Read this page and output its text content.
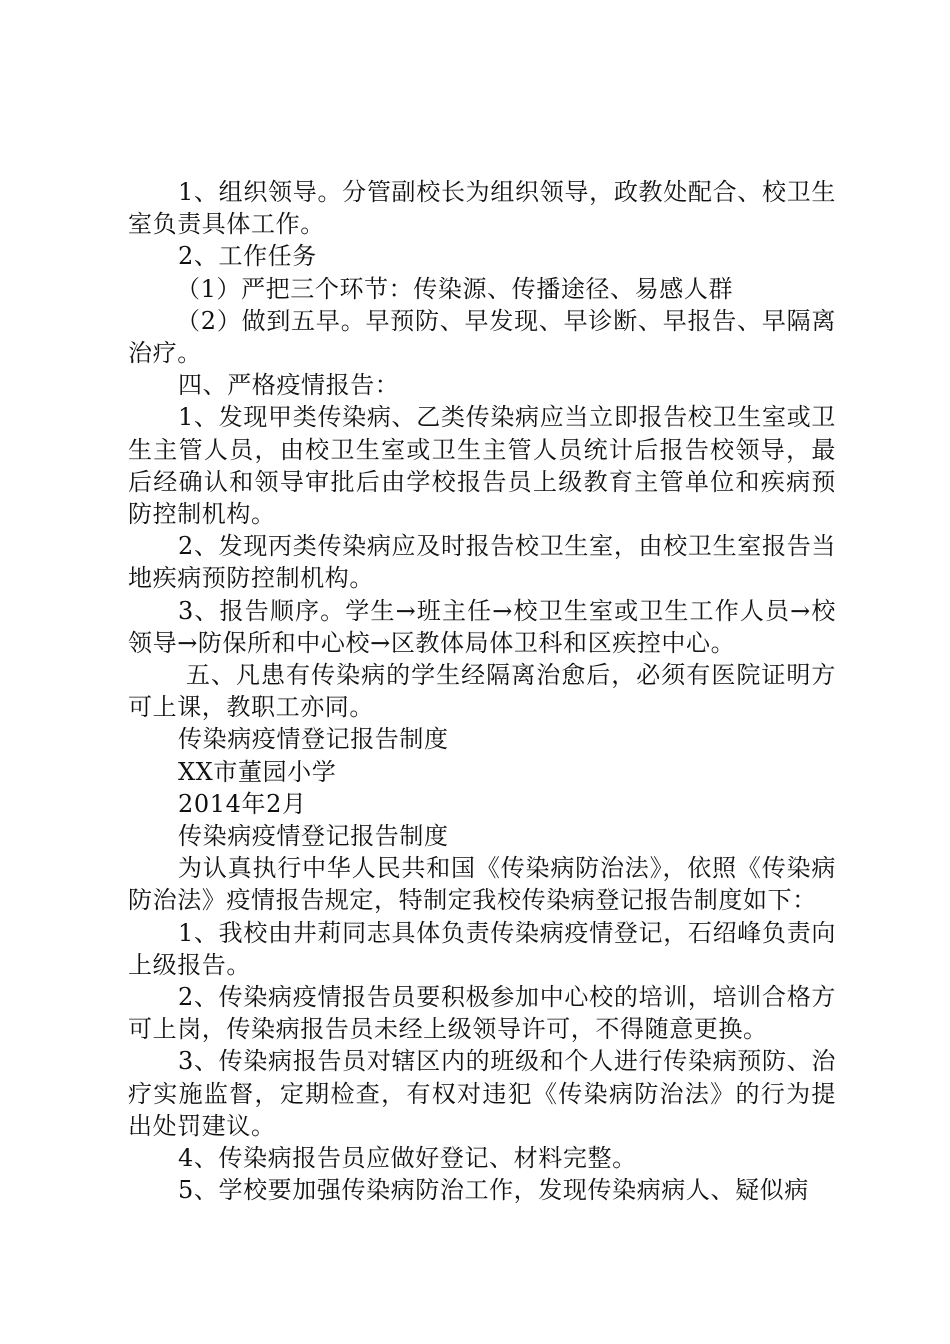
1、组织领导。分管副校长为组织领导，政教处配合、校卫生室负责具体工作。

2、工作任务

（1）严把三个环节：传染源、传播途径、易感人群

（2）做到五早。早预防、早发现、早诊断、早报告、早隔离治疗。

四、严格疫情报告：

1、发现甲类传染病、乙类传染病应当立即报告校卫生室或卫生主管人员，由校卫生室或卫生主管人员统计后报告校领导，最后经确认和领导审批后由学校报告员上级教育主管单位和疾病预防控制机构。

2、发现丙类传染病应及时报告校卫生室，由校卫生室报告当地疾病预防控制机构。

3、报告顺序。学生→班主任→校卫生室或卫生工作人员→校领导→防保所和中心校→区教体局体卫科和区疾控中心。

五、凡患有传染病的学生经隔离治愈后，必须有医院证明方可上课，教职工亦同。

传染病疫情登记报告制度

XX市董园小学

2014年2月

传染病疫情登记报告制度

为认真执行中华人民共和国《传染病防治法》，依照《传染病防治法》疫情报告规定，特制定我校传染病登记报告制度如下：

1、我校由井莉同志具体负责传染病疫情登记，石绍峰负责向上级报告。

2、传染病疫情报告员要积极参加中心校的培训，培训合格方可上岗，传染病报告员未经上级领导许可，不得随意更换。

3、传染病报告员对辖区内的班级和个人进行传染病预防、治疗实施监督，定期检查，有权对违犯《传染病防治法》的行为提出处罚建议。

4、传染病报告员应做好登记、材料完整。

5、学校要加强传染病防治工作，发现传染病病人、疑似病
